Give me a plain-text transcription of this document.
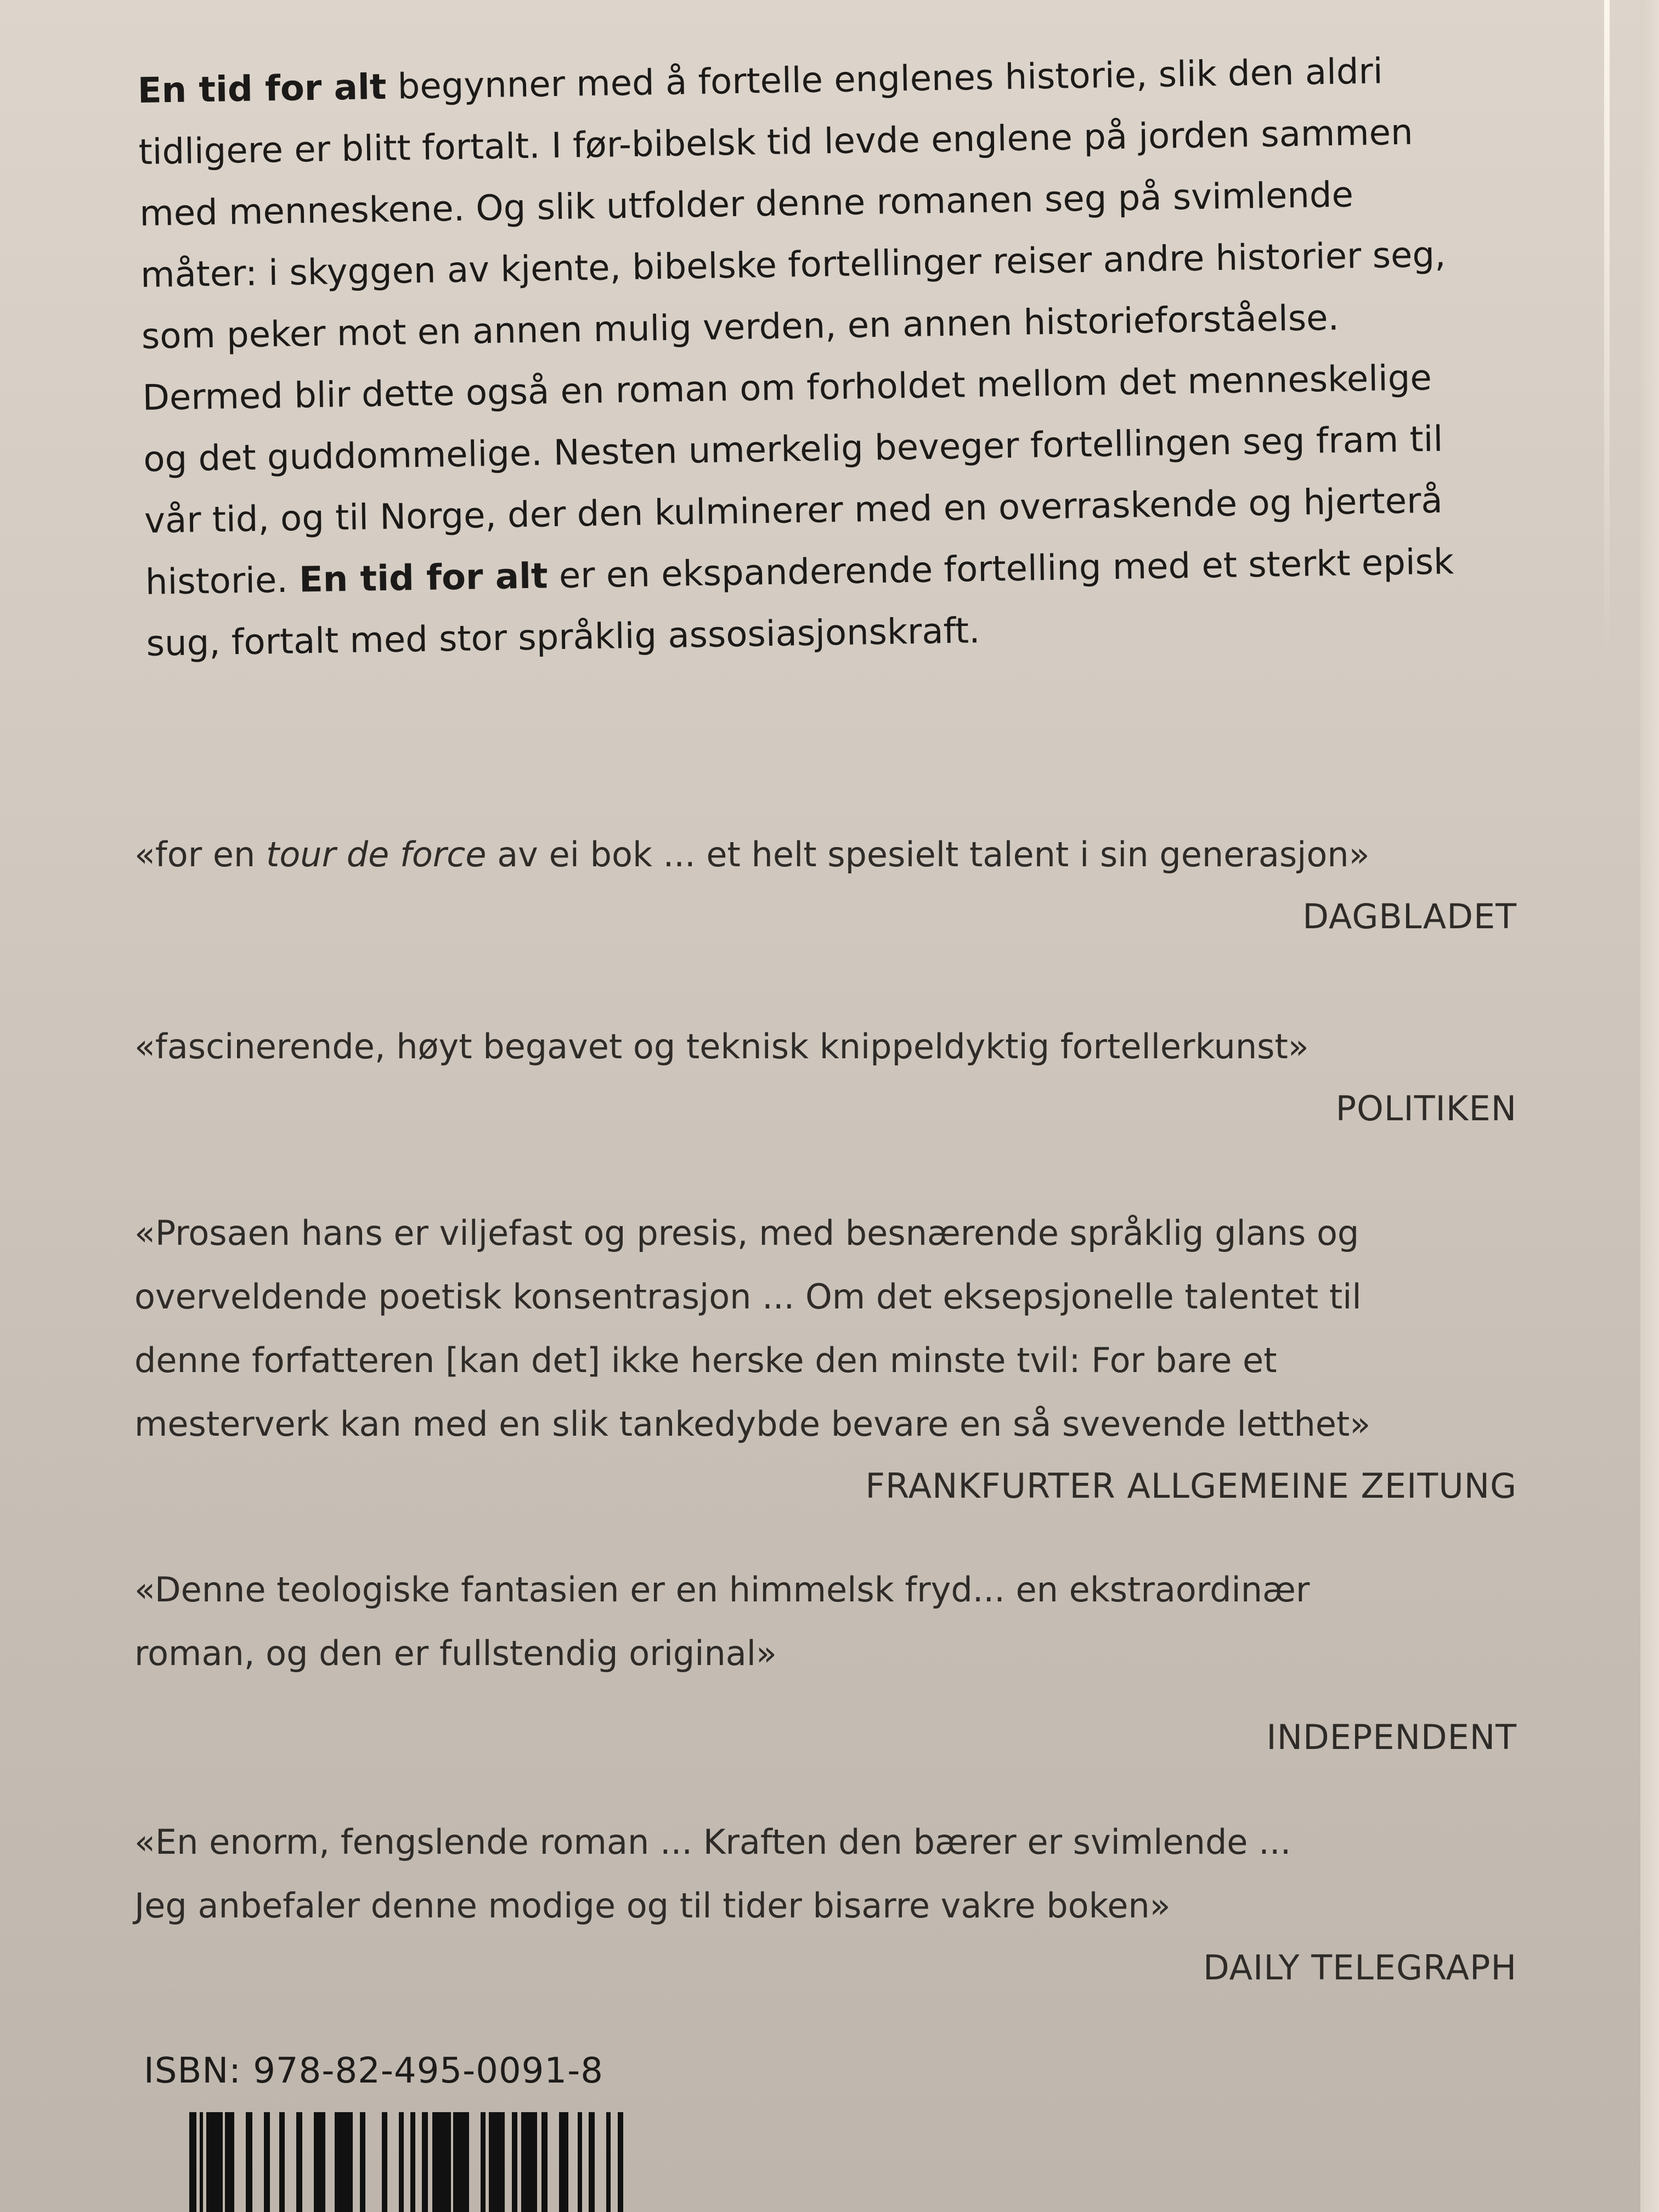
En tid for alt begynner med å fortelle englenes historie, slik den aldri
tidligere er blitt fortalt. I før-bibelsk tid levde englene på jorden sammen
med menneskene. Og slik utfolder denne romanen seg på svimlende
måter: i skyggen av kjente, bibelske fortellinger reiser andre historier seg,
som peker mot en annen mulig verden, en annen historieforståelse.
Dermed blir dette også en roman om forholdet mellom det menneskelige
og det guddommelige. Nesten umerkelig beveger fortellingen seg fram til
vår tid, og til Norge, der den kulminerer med en overraskende og hjerterå
historie. En tid for alt er en ekspanderende fortelling med et sterkt episk
sug, fortalt med stor språklig assosiasjonskraft.
«for en tour de force av ei bok ... et helt spesielt talent i sin generasjon»
DAGBLADET
«fascinerende, høyt begavet og teknisk knippeldyktig fortellerkunst»
POLITIKEN
«Prosaen hans er viljefast og presis, med besnærende språklig glans og
overveldende poetisk konsentrasjon ... Om det eksepsjonelle talentet til
denne forfatteren [kan det] ikke herske den minste tvil: For bare et
mesterverk kan med en slik tankedybde bevare en så svevende letthet»
FRANKFURTER ALLGEMEINE ZEITUNG
«Denne teologiske fantasien er en himmelsk fryd... en ekstraordinær
roman, og den er fullstendig original»
INDEPENDENT
«En enorm, fengslende roman ... Kraften den bærer er svimlende ...
Jeg anbefaler denne modige og til tider bisarre vakre boken»
DAILY TELEGRAPH
ISBN: 978-82-495-0091-8
